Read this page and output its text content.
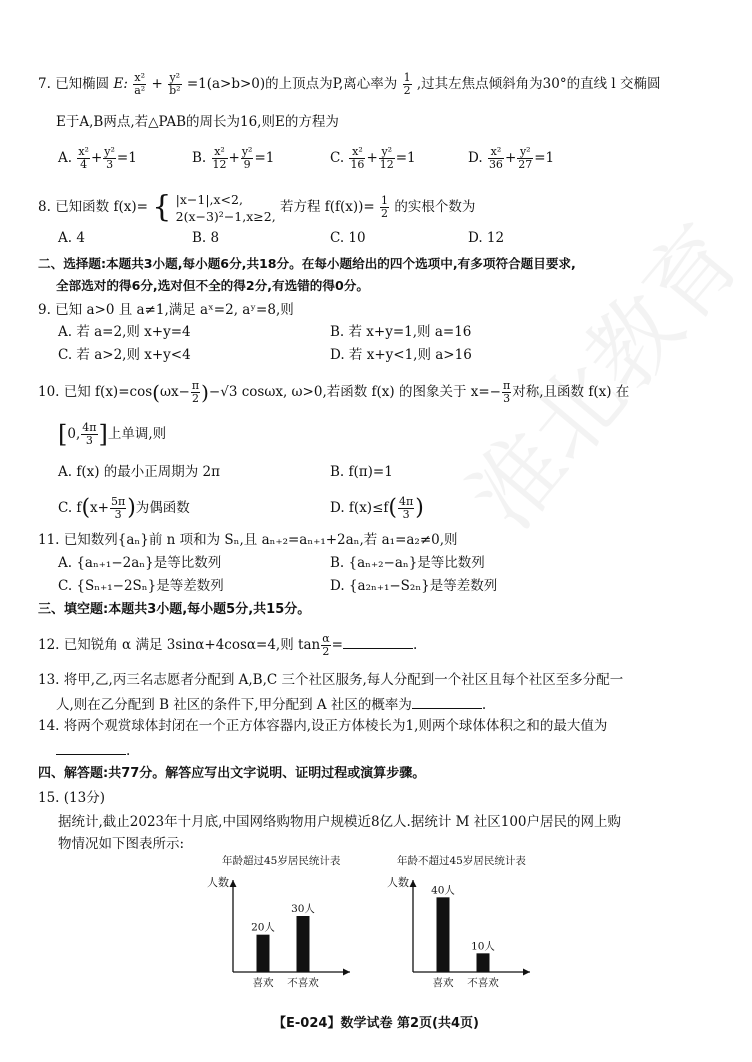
7. 已知椭圆 E: $\frac{\text{x²}}{\text{a²}} + \frac{\text{y²}}{\text{b²}} =1(a>b>0)$的上顶点为P,离心率为 $\frac{1}{2}$ ,过其左焦点倾斜角为30°的直线 l 交椭圆
E于A,B两点,若△PAB的周长为16,则E的方程为
A. $\frac{\text{x²}}{4} + \frac{\text{y²}}{3} =1$	B. $\frac{\text{x²}}{12} + \frac{\text{y²}}{9} =1$	C. $\frac{\text{x²}}{16} + \frac{\text{y²}}{12} =1$	D. $\frac{\text{x²}}{36} + \frac{\text{y²}}{27} =1$
8. 已知函数 f(x)= { |x−1|,x<2,
2(x−3)²−1,x≥2,
若方程 $f(f(x))= \frac{1}{2}$ 的实根个数为
A. 4	B. 8	C. 10	D. 12
二、选择题:本题共3小题,每小题6分,共18分。在每小题给出的四个选项中,有多项符合题目要求,
全部选对的得6分,选对但不全的得2分,有选错的得0分。
9. 已知 a>0 且 a≠1,满足 aˣ=2, aʸ=8,则
A. 若 a=2,则 x+y=4	B. 若 x+y=1,则 a=16
C. 若 a>2,则 x+y<4	D. 若 x+y<1,则 a>16
10. 已知 $f(x)=\cos(\omega x- \frac{\pi}{2} )-√3$ cosωx, ω>0,若函数 f(x) 的图象关于 $x=- \frac{\pi}{3}$ 对称,且函数 f(x) 在
[0, $\frac{4\pi}{3}$ ]上单调,则
A. f(x) 的最小正周期为 2π	B. f(π)=1
C. $f(x+ \frac{5\pi}{3}$ )为偶函数	D. $f(x)\le f( \frac{4\pi}{3}$ )
11. 已知数列{aₙ}前 n 项和为 Sₙ,且 aₙ₊₂=aₙ₊₁+2aₙ,若 a₁=a₂≠0,则
A. {aₙ₊₁−2aₙ}是等比数列	B. {aₙ₊₂−aₙ}是等比数列
C. {Sₙ₊₁−2Sₙ}是等差数列	D. {a₂ₙ₊₁−S₂ₙ}是等差数列
三、填空题:本题共3小题,每小题5分,共15分。
12. 已知锐角 α 满足 3sinα+4cosα=4,则 $\tan \frac{\alpha}{2}$ =	.
13. 将甲,乙,丙三名志愿者分配到 A,B,C 三个社区服务,每人分配到一个社区且每个社区至多分配一
人,则在乙分配到 B 社区的条件下,甲分配到 A 社区的概率为	.
14. 将两个观赏球体封闭在一个正方体容器内,设正方体棱长为1,则两个球体体积之和的最大值为
.
四、解答题:共77分。解答应写出文字说明、证明过程或演算步骤。
15. (13分)
据统计,截止2023年十月底,中国网络购物用户规模近8亿人.据统计 M 社区100户居民的网上购
物情况如下图表所示:
年龄超过45岁居民统计表	年龄不超过45岁居民统计表
人数
20人
喜欢
30人
不喜欢
人数
40人
喜欢
10人
不喜欢
【E-024】数学试卷 第2页(共4页)
